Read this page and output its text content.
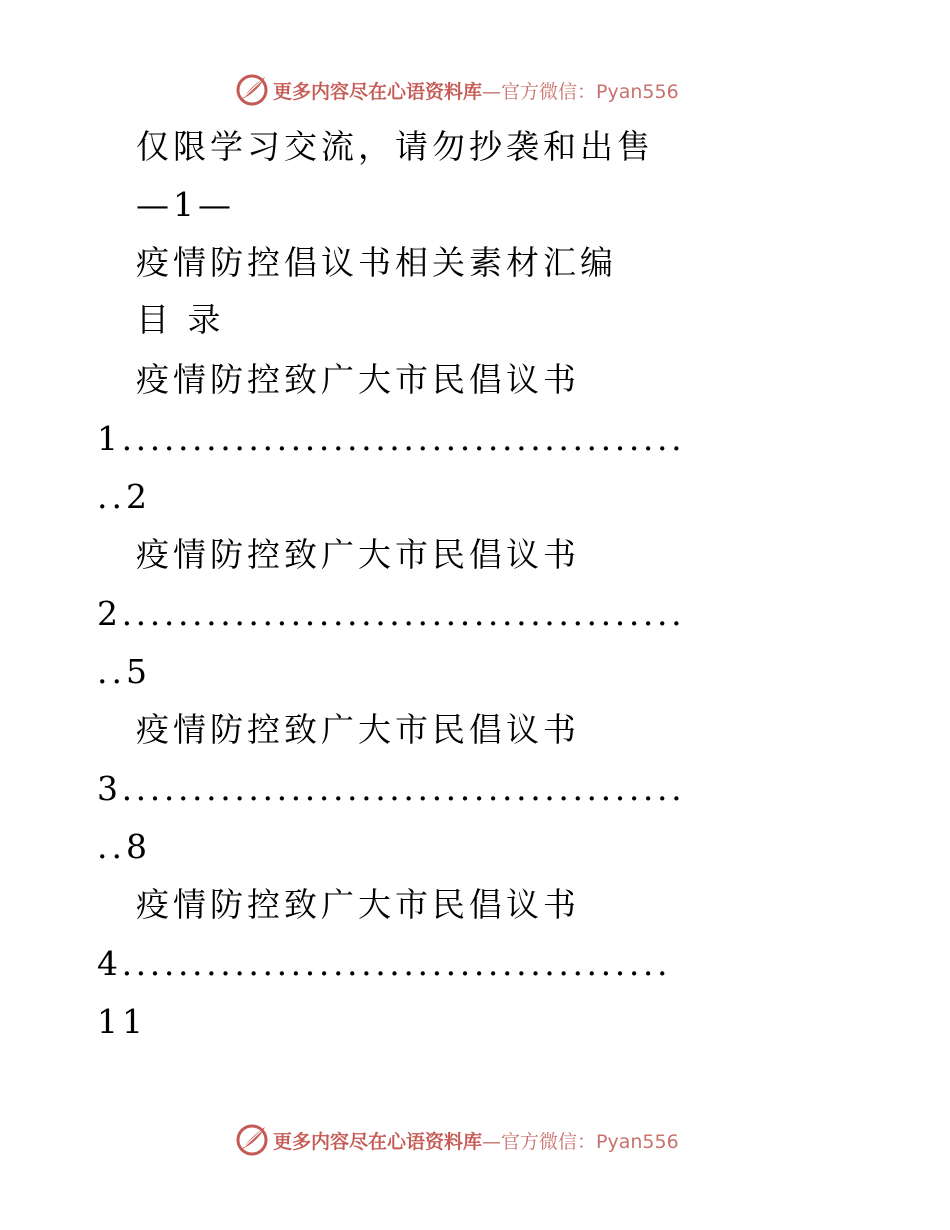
更多内容尽在心语资料库—官方微信：Pyan556
仅限学习交流，请勿抄袭和出售
—1—
疫情防控倡议书相关素材汇编
目 录
疫情防控致广大市民倡议书
1........................................
..2
疫情防控致广大市民倡议书
2........................................
..5
疫情防控致广大市民倡议书
3........................................
..8
疫情防控致广大市民倡议书
4.......................................
11
更多内容尽在心语资料库—官方微信：Pyan556
